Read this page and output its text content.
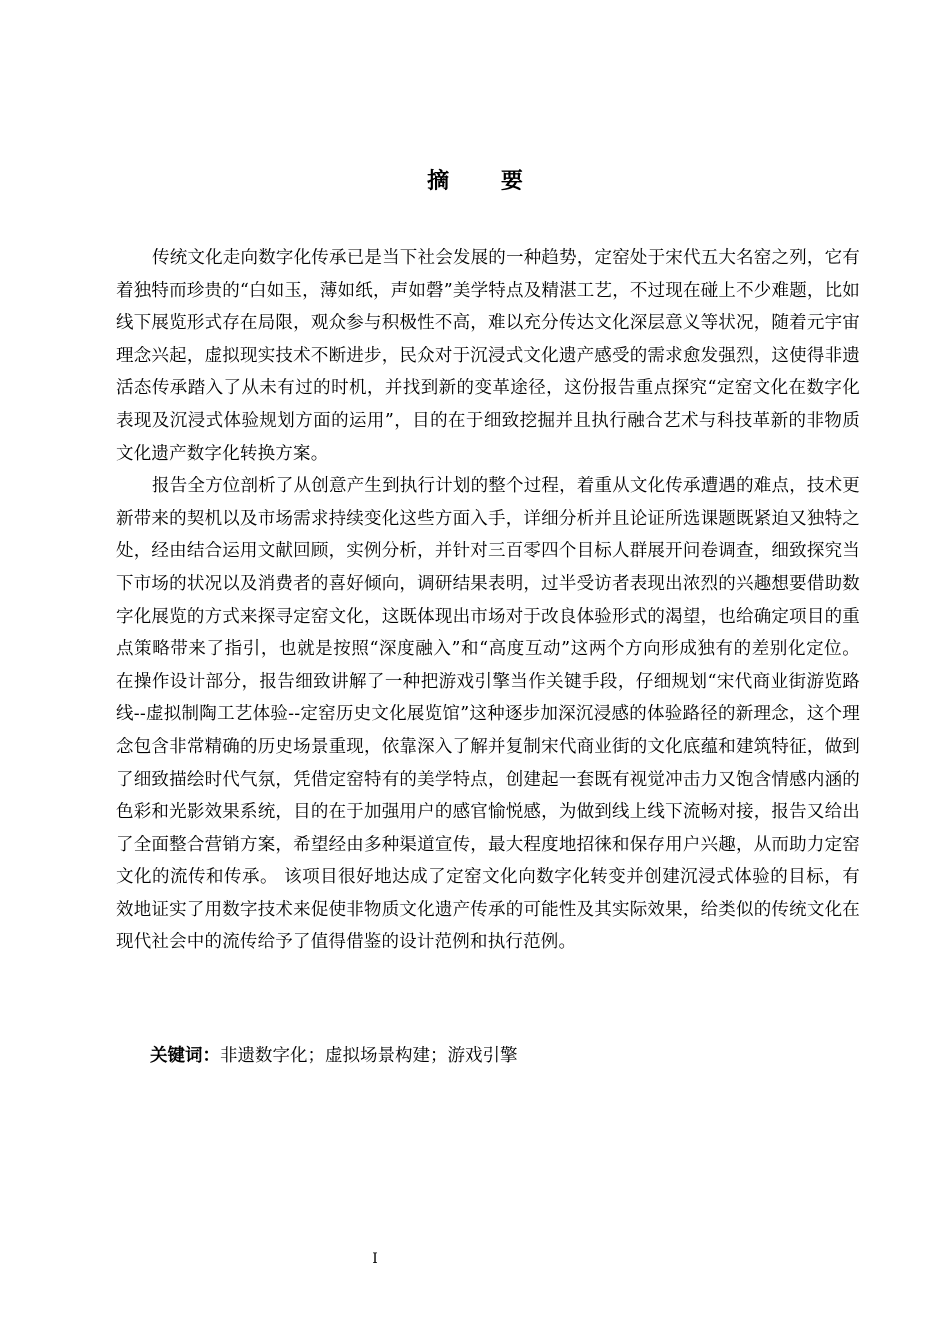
摘 要

传统文化走向数字化传承已是当下社会发展的一种趋势，定窑处于宋代五大名窑之列，它有着独特而珍贵的“白如玉，薄如纸，声如磬”美学特点及精湛工艺，不过现在碰上不少难题，比如线下展览形式存在局限，观众参与积极性不高，难以充分传达文化深层意义等状况，随着元宇宙理念兴起，虚拟现实技术不断进步，民众对于沉浸式文化遗产感受的需求愈发强烈，这使得非遗活态传承踏入了从未有过的时机，并找到新的变革途径，这份报告重点探究“定窑文化在数字化表现及沉浸式体验规划方面的运用”，目的在于细致挖掘并且执行融合艺术与科技革新的非物质文化遗产数字化转换方案。

报告全方位剖析了从创意产生到执行计划的整个过程，着重从文化传承遭遇的难点，技术更新带来的契机以及市场需求持续变化这些方面入手，详细分析并且论证所选课题既紧迫又独特之处，经由结合运用文献回顾，实例分析，并针对三百零四个目标人群展开问卷调查，细致探究当下市场的状况以及消费者的喜好倾向，调研结果表明，过半受访者表现出浓烈的兴趣想要借助数字化展览的方式来探寻定窑文化，这既体现出市场对于改良体验形式的渴望，也给确定项目的重点策略带来了指引，也就是按照“深度融入”和“高度互动”这两个方向形成独有的差别化定位。 在操作设计部分，报告细致讲解了一种把游戏引擎当作关键手段，仔细规划“宋代商业街游览路线--虚拟制陶工艺体验--定窑历史文化展览馆”这种逐步加深沉浸感的体验路径的新理念，这个理念包含非常精确的历史场景重现，依靠深入了解并复制宋代商业街的文化底蕴和建筑特征，做到了细致描绘时代气氛，凭借定窑特有的美学特点，创建起一套既有视觉冲击力又饱含情感内涵的色彩和光影效果系统，目的在于加强用户的感官愉悦感，为做到线上线下流畅对接，报告又给出了全面整合营销方案，希望经由多种渠道宣传，最大程度地招徕和保存用户兴趣，从而助力定窑文化的流传和传承。 该项目很好地达成了定窑文化向数字化转变并创建沉浸式体验的目标，有效地证实了用数字技术来促使非物质文化遗产传承的可能性及其实际效果，给类似的传统文化在现代社会中的流传给予了值得借鉴的设计范例和执行范例。

关键词：非遗数字化；虚拟场景构建；游戏引擎
I
